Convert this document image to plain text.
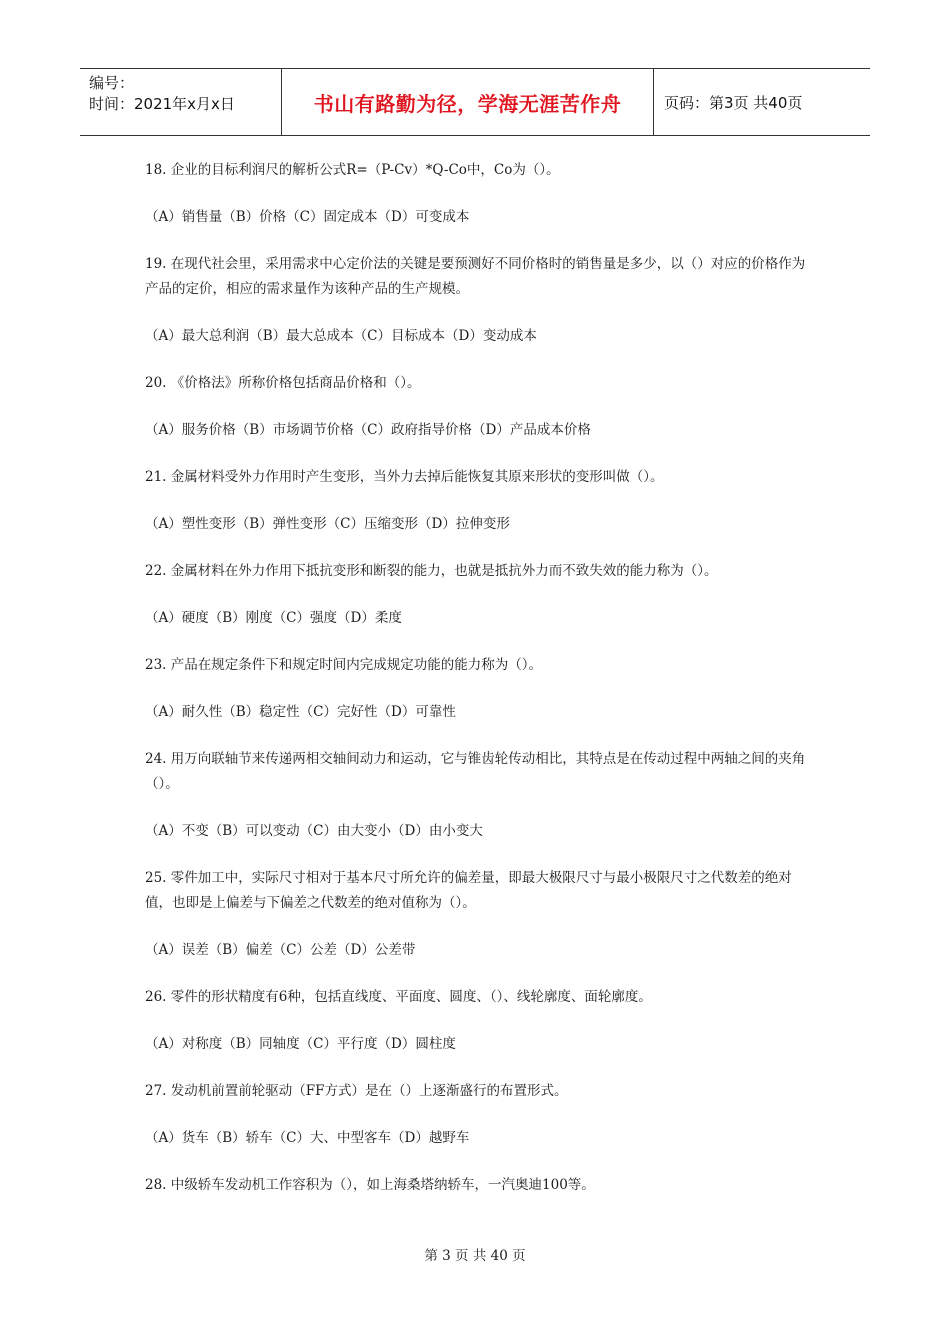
编号：
时间：2021年x月x日	书山有路勤为径，学海无涯苦作舟	页码：第3页 共40页

18. 企业的目标利润尺的解析公式R=（P-Cv）*Q-Co中，Co为（）。

（A）销售量（B）价格（C）固定成本（D）可变成本

19. 在现代社会里，采用需求中心定价法的关键是要预测好不同价格时的销售量是多少，以（）对应的价格作为产品的定价，相应的需求量作为该种产品的生产规模。

（A）最大总利润（B）最大总成本（C）目标成本（D）变动成本

20. 《价格法》所称价格包括商品价格和（）。

（A）服务价格（B）市场调节价格（C）政府指导价格（D）产品成本价格

21. 金属材料受外力作用时产生变形，当外力去掉后能恢复其原来形状的变形叫做（）。

（A）塑性变形（B）弹性变形（C）压缩变形（D）拉伸变形

22. 金属材料在外力作用下抵抗变形和断裂的能力，也就是抵抗外力而不致失效的能力称为（）。

（A）硬度（B）刚度（C）强度（D）柔度

23. 产品在规定条件下和规定时间内完成规定功能的能力称为（）。

（A）耐久性（B）稳定性（C）完好性（D）可靠性

24. 用万向联轴节来传递两相交轴间动力和运动，它与锥齿轮传动相比，其特点是在传动过程中两轴之间的夹角（）。

（A）不变（B）可以变动（C）由大变小（D）由小变大

25. 零件加工中，实际尺寸相对于基本尺寸所允许的偏差量，即最大极限尺寸与最小极限尺寸之代数差的绝对值，也即是上偏差与下偏差之代数差的绝对值称为（）。

（A）误差（B）偏差（C）公差（D）公差带

26. 零件的形状精度有6种，包括直线度、平面度、圆度、（）、线轮廓度、面轮廓度。

（A）对称度（B）同轴度（C）平行度（D）圆柱度

27. 发动机前置前轮驱动（FF方式）是在（）上逐渐盛行的布置形式。

（A）货车（B）轿车（C）大、中型客车（D）越野车

28. 中级轿车发动机工作容积为（），如上海桑塔纳轿车，一汽奥迪100等。

第 3 页 共 40 页
